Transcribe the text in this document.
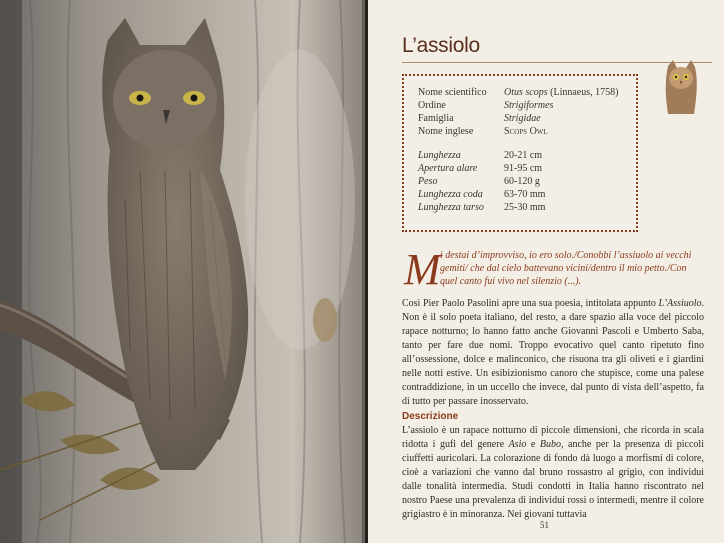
L’assiolo
Nome scientifico	Otus scops (Linnaeus, 1758)
Ordine	Strigiformes
Famiglia	Strigidae
Nome inglese	Scops Owl
Lunghezza	20-21 cm
Apertura alare	91-95 cm
Peso	60-120 g
Lunghezza coda	63-70 mm
Lunghezza tarso	25-30 mm
M i destai d’improvviso, io ero solo./Conobbi l’assiuolo ai vecchi gemiti/ che dal cielo battevano vicini/dentro il mio petto./Con quel canto fui vivo nel silenzio (...).

Così Pier Paolo Pasolini apre una sua poesia, intitolata appunto L’Assiuolo. Non è il solo poeta italiano, del resto, a dare spazio alla voce del piccolo rapace notturno; lo hanno fatto anche Giovanni Pascoli e Umberto Saba, tanto per fare due nomi. Troppo evocativo quel canto ripetuto fino all’ossessione, dolce e malinconico, che risuona tra gli oliveti e i giardini nelle notti estive. Un esibizionismo canoro che stupisce, come una palese contraddizione, in un uccello che invece, dal punto di vista dell’aspetto, fa di tutto per passare inosservato.

Descrizione

L’assiolo è un rapace notturno di piccole dimensioni, che ricorda in scala ridotta i gufi del genere Asio e Bubo, anche per la presenza di piccoli ciuffetti auricolari. La colorazione di fondo dà luogo a morfismi di colore, cioè a variazioni che vanno dal bruno rossastro al grigio, con individui dalle tonalità intermedia. Studi condotti in Italia hanno riscontrato nel nostro Paese una prevalenza di individui rossi o intermedi, mentre il colore grigiastro è in minoranza. Nei giovani tuttavia

51
